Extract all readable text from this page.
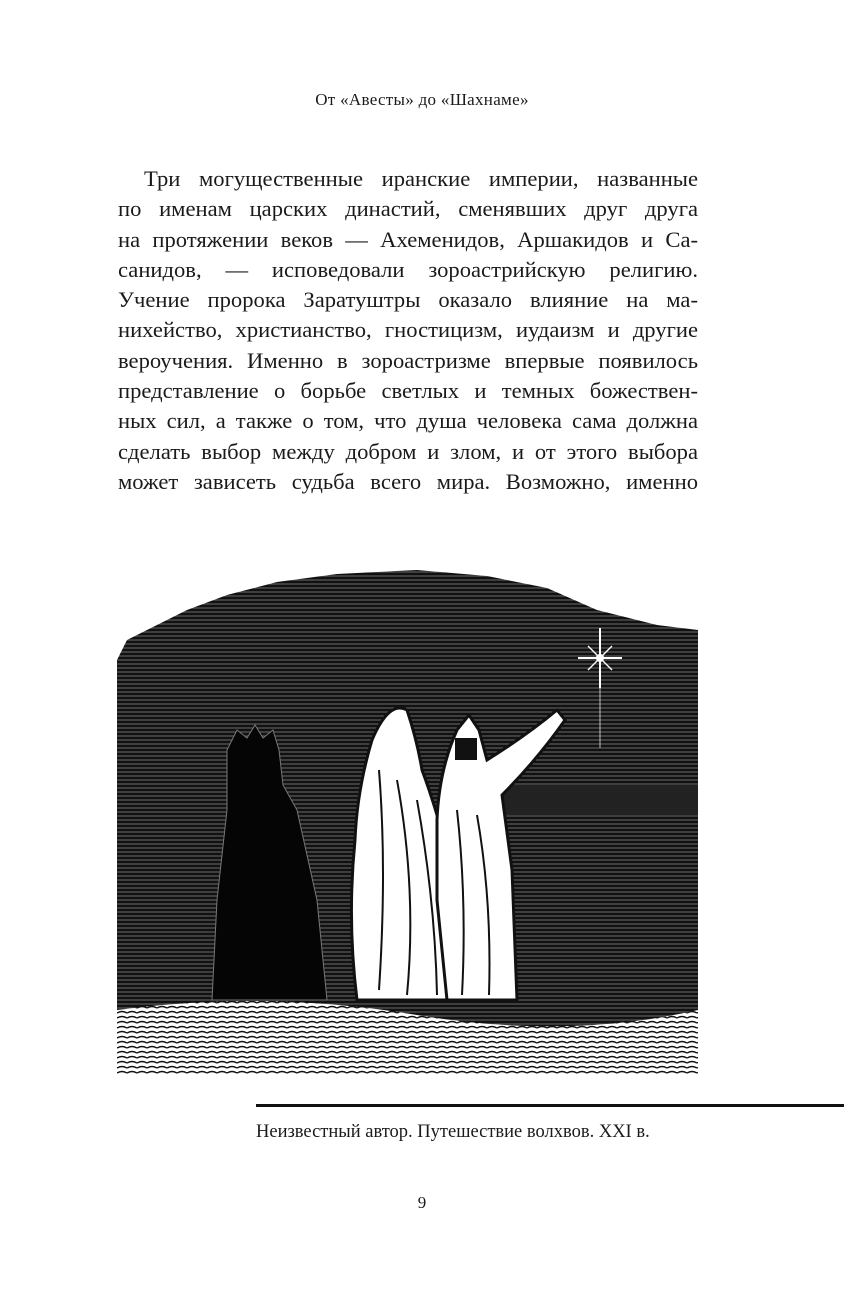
От «Авесты» до «Шахнаме»
Три могущественные иранские империи, названные
по именам царских династий, сменявших друг друга
на протяжении веков — Ахеменидов, Аршакидов и Са-
санидов, — исповедовали зороастрийскую религию.
Учение пророка Заратуштры оказало влияние на ма-
нихейство, христианство, гностицизм, иудаизм и другие
вероучения. Именно в зороастризме впервые появилось
представление о борьбе светлых и темных божествен-
ных сил, а также о том, что душа человека сама должна
сделать выбор между добром и злом, и от этого выбора
может зависеть судьба всего мира. Возможно, именно
Неизвестный автор. Путешествие волхвов. XXI в.
9
